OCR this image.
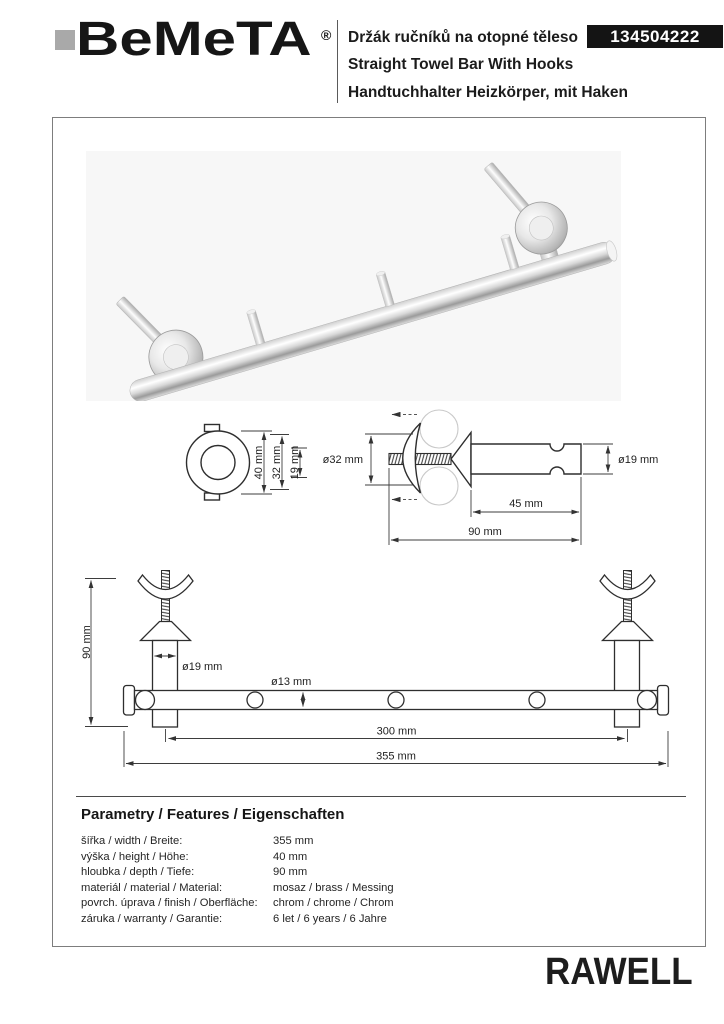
BeMeTA ® Držák ručníků na otopné těleso
Straight Towel Bar With Hooks
Handtuchhalter Heizkörper, mit Haken
134504222
40 mm 32 mm 19 mm ø32 mm	ø19 mm
45 mm
90 mm
90 mm
ø19 mm
ø13 mm
300 mm
355 mm
Parametry / Features / Eigenschaften
šířka / width / Breite:	355 mm
výška / height / Höhe:	40 mm
hloubka / depth / Tiefe:	90 mm
materiál / material / Material:	mosaz / brass / Messing
povrch. úprava / finish / Oberfläche:	chrom / chrome / Chrom
záruka / warranty / Garantie:	6 let / 6 years / 6 Jahre
RAWELL
